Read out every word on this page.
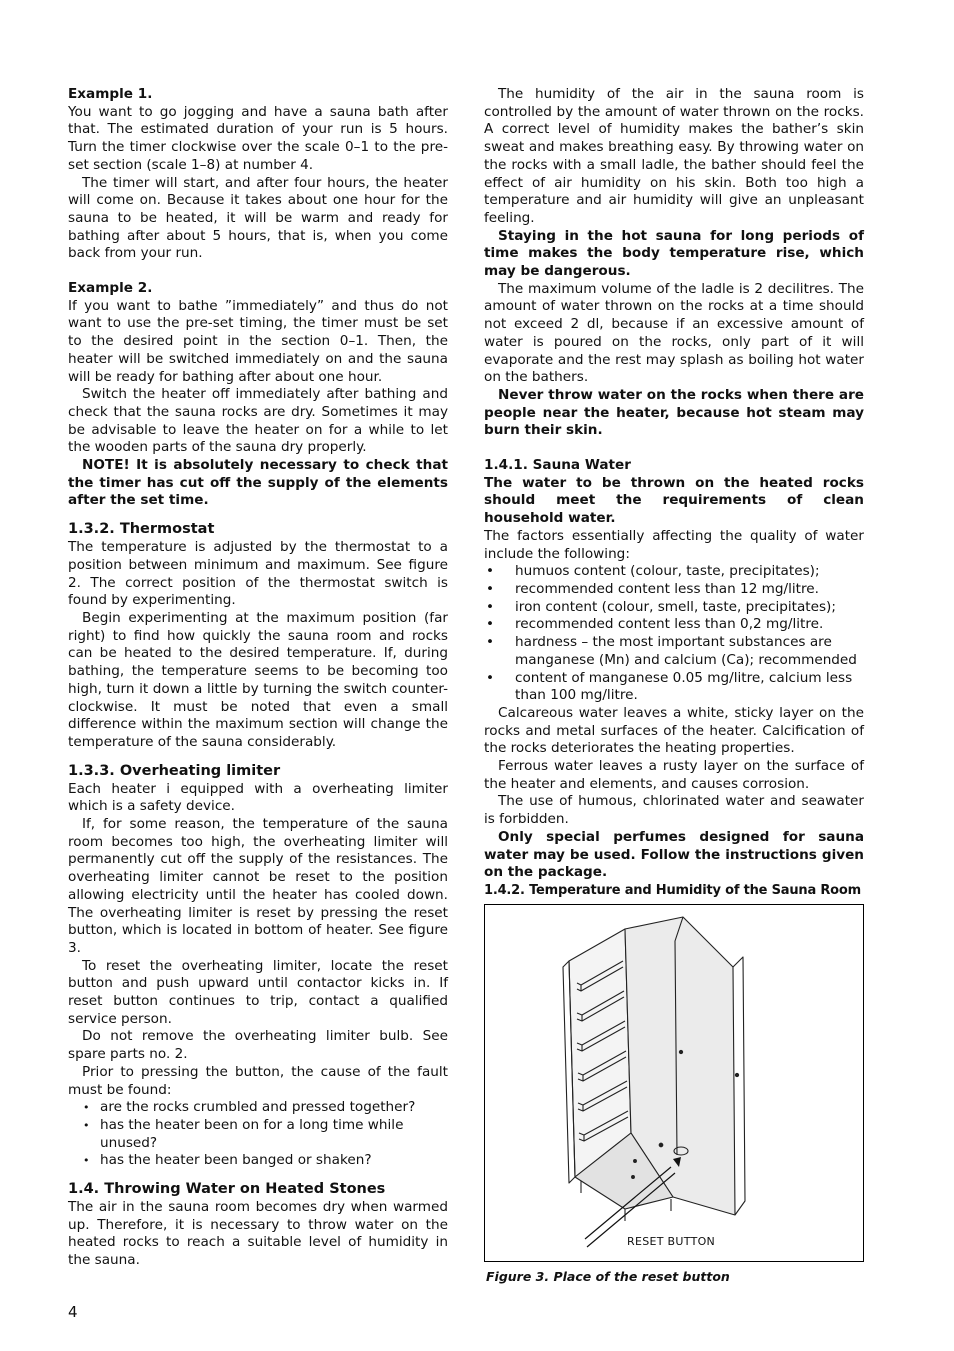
Example 1.

You want to go jogging and have a sauna bath after that. The estimated duration of your run is 5 hours. Turn the timer clockwise over the scale 0–1 to the pre-set section (scale 1–8) at number 4.

The timer will start, and after four hours, the heater will come on. Because it takes about one hour for the sauna to be heated, it will be warm and ready for bathing after about 5 hours, that is, when you come back from your run.

Example 2.

If you want to bathe ”immediately” and thus do not want to use the pre-set timing, the timer must be set to the desired point in the section 0–1. Then, the heater will be switched immediately on and the sauna will be ready for bathing after about one hour.

Switch the heater off immediately after bathing and check that the sauna rocks are dry. Sometimes it may be advisable to leave the heater on for a while to let the wooden parts of the sauna dry properly.

NOTE! It is absolutely necessary to check that the timer has cut off the supply of the elements after the set time.

1.3.2. Thermostat

The temperature is adjusted by the thermostat to a position between minimum and maximum. See figure 2. The correct position of the thermostat switch is found by experimenting.

Begin experimenting at the maximum position (far right) to find how quickly the sauna room and rocks can be heated to the desired temperature. If, during bathing, the temperature seems to be becoming too high, turn it down a little by turning the switch counter-clockwise. It must be noted that even a small difference within the maximum section will change the temperature of the sauna considerably.

1.3.3. Overheating limiter

Each heater i equipped with a overheating limiter which is a safety device.

If, for some reason, the temperature of the sauna room becomes too high, the overheating limiter will permanently cut off the supply of the resistances. The overheating limiter cannot be reset to the position allowing electricity until the heater has cooled down. The overheating limiter is reset by pressing the reset button, which is located in bottom of heater. See figure 3.

To reset the overheating limiter, locate the reset button and push upward until contactor kicks in. If reset button continues to trip, contact a qualified service person.

Do not remove the overheating limiter bulb. See spare parts no. 2.

Prior to pressing the button, the cause of the fault must be found:

• are the rocks crumbled and pressed together?
• has the heater been on for a long time while unused?
• has the heater been banged or shaken?
1.4. Throwing Water on Heated Stones

The air in the sauna room becomes dry when warmed up. Therefore, it is necessary to throw water on the heated rocks to reach a suitable level of humidity in the sauna.

The humidity of the air in the sauna room is controlled by the amount of water thrown on the rocks. A correct level of humidity makes the bather’s skin sweat and makes breathing easy. By throwing water on the rocks with a small ladle, the bather should feel the effect of air humidity on his skin. Both too high a temperature and air humidity will give an unpleasant feeling.

Staying in the hot sauna for long periods of time makes the body temperature rise, which may be dangerous.

The maximum volume of the ladle is 2 decilitres. The amount of water thrown on the rocks at a time should not exceed 2 dl, because if an excessive amount of water is poured on the rocks, only part of it will evaporate and the rest may splash as boiling hot water on the bathers.

Never throw water on the rocks when there are people near the heater, because hot steam may burn their skin.

1.4.1. Sauna Water

The water to be thrown on the heated rocks should meet the requirements of clean household water.

The factors essentially affecting the quality of water include the following:

• humuos content (colour, taste, precipitates);
• recommended content less than 12 mg/litre.
• iron content (colour, smell, taste, precipitates);
• recommended content less than 0,2 mg/litre.
• hardness – the most important substances are manganese (Mn) and calcium (Ca); recommended
• content of manganese 0.05 mg/litre, calcium less than 100 mg/litre.

Calcareous water leaves a white, sticky layer on the rocks and metal surfaces of the heater. Calcification of the rocks deteriorates the heating properties.

Ferrous water leaves a rusty layer on the surface of the heater and elements, and causes corrosion.

The use of humous, chlorinated water and seawater is forbidden.

Only special perfumes designed for sauna water may be used. Follow the instructions given on the package.

1.4.2. Temperature and Humidity of the Sauna Room

RESET BUTTON
Figure 3. Place of the reset button
4
